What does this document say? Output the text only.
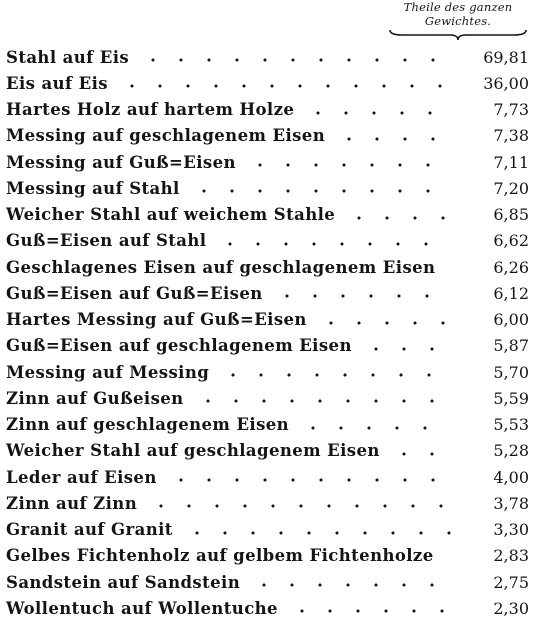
Theile des ganzen
Gewichtes.
Stahl auf Eis	69,81
Eis auf Eis	36,00
Hartes Holz auf hartem Holze	7,73
Messing auf geschlagenem Eisen	7,38
Messing auf Guß=Eisen	7,11
Messing auf Stahl	7,20
Weicher Stahl auf weichem Stahle	6,85
Guß=Eisen auf Stahl	6,62
Geschlagenes Eisen auf geschlagenem Eisen	6,26
Guß=Eisen auf Guß=Eisen	6,12
Hartes Messing auf Guß=Eisen	6,00
Guß=Eisen auf geschlagenem Eisen	5,87
Messing auf Messing	5,70
Zinn auf Gußeisen	5,59
Zinn auf geschlagenem Eisen	5,53
Weicher Stahl auf geschlagenem Eisen	5,28
Leder auf Eisen	4,00
Zinn auf Zinn	3,78
Granit auf Granit	3,30
Gelbes Fichtenholz auf gelbem Fichtenholze	2,83
Sandstein auf Sandstein	2,75
Wollentuch auf Wollentuche	2,30
